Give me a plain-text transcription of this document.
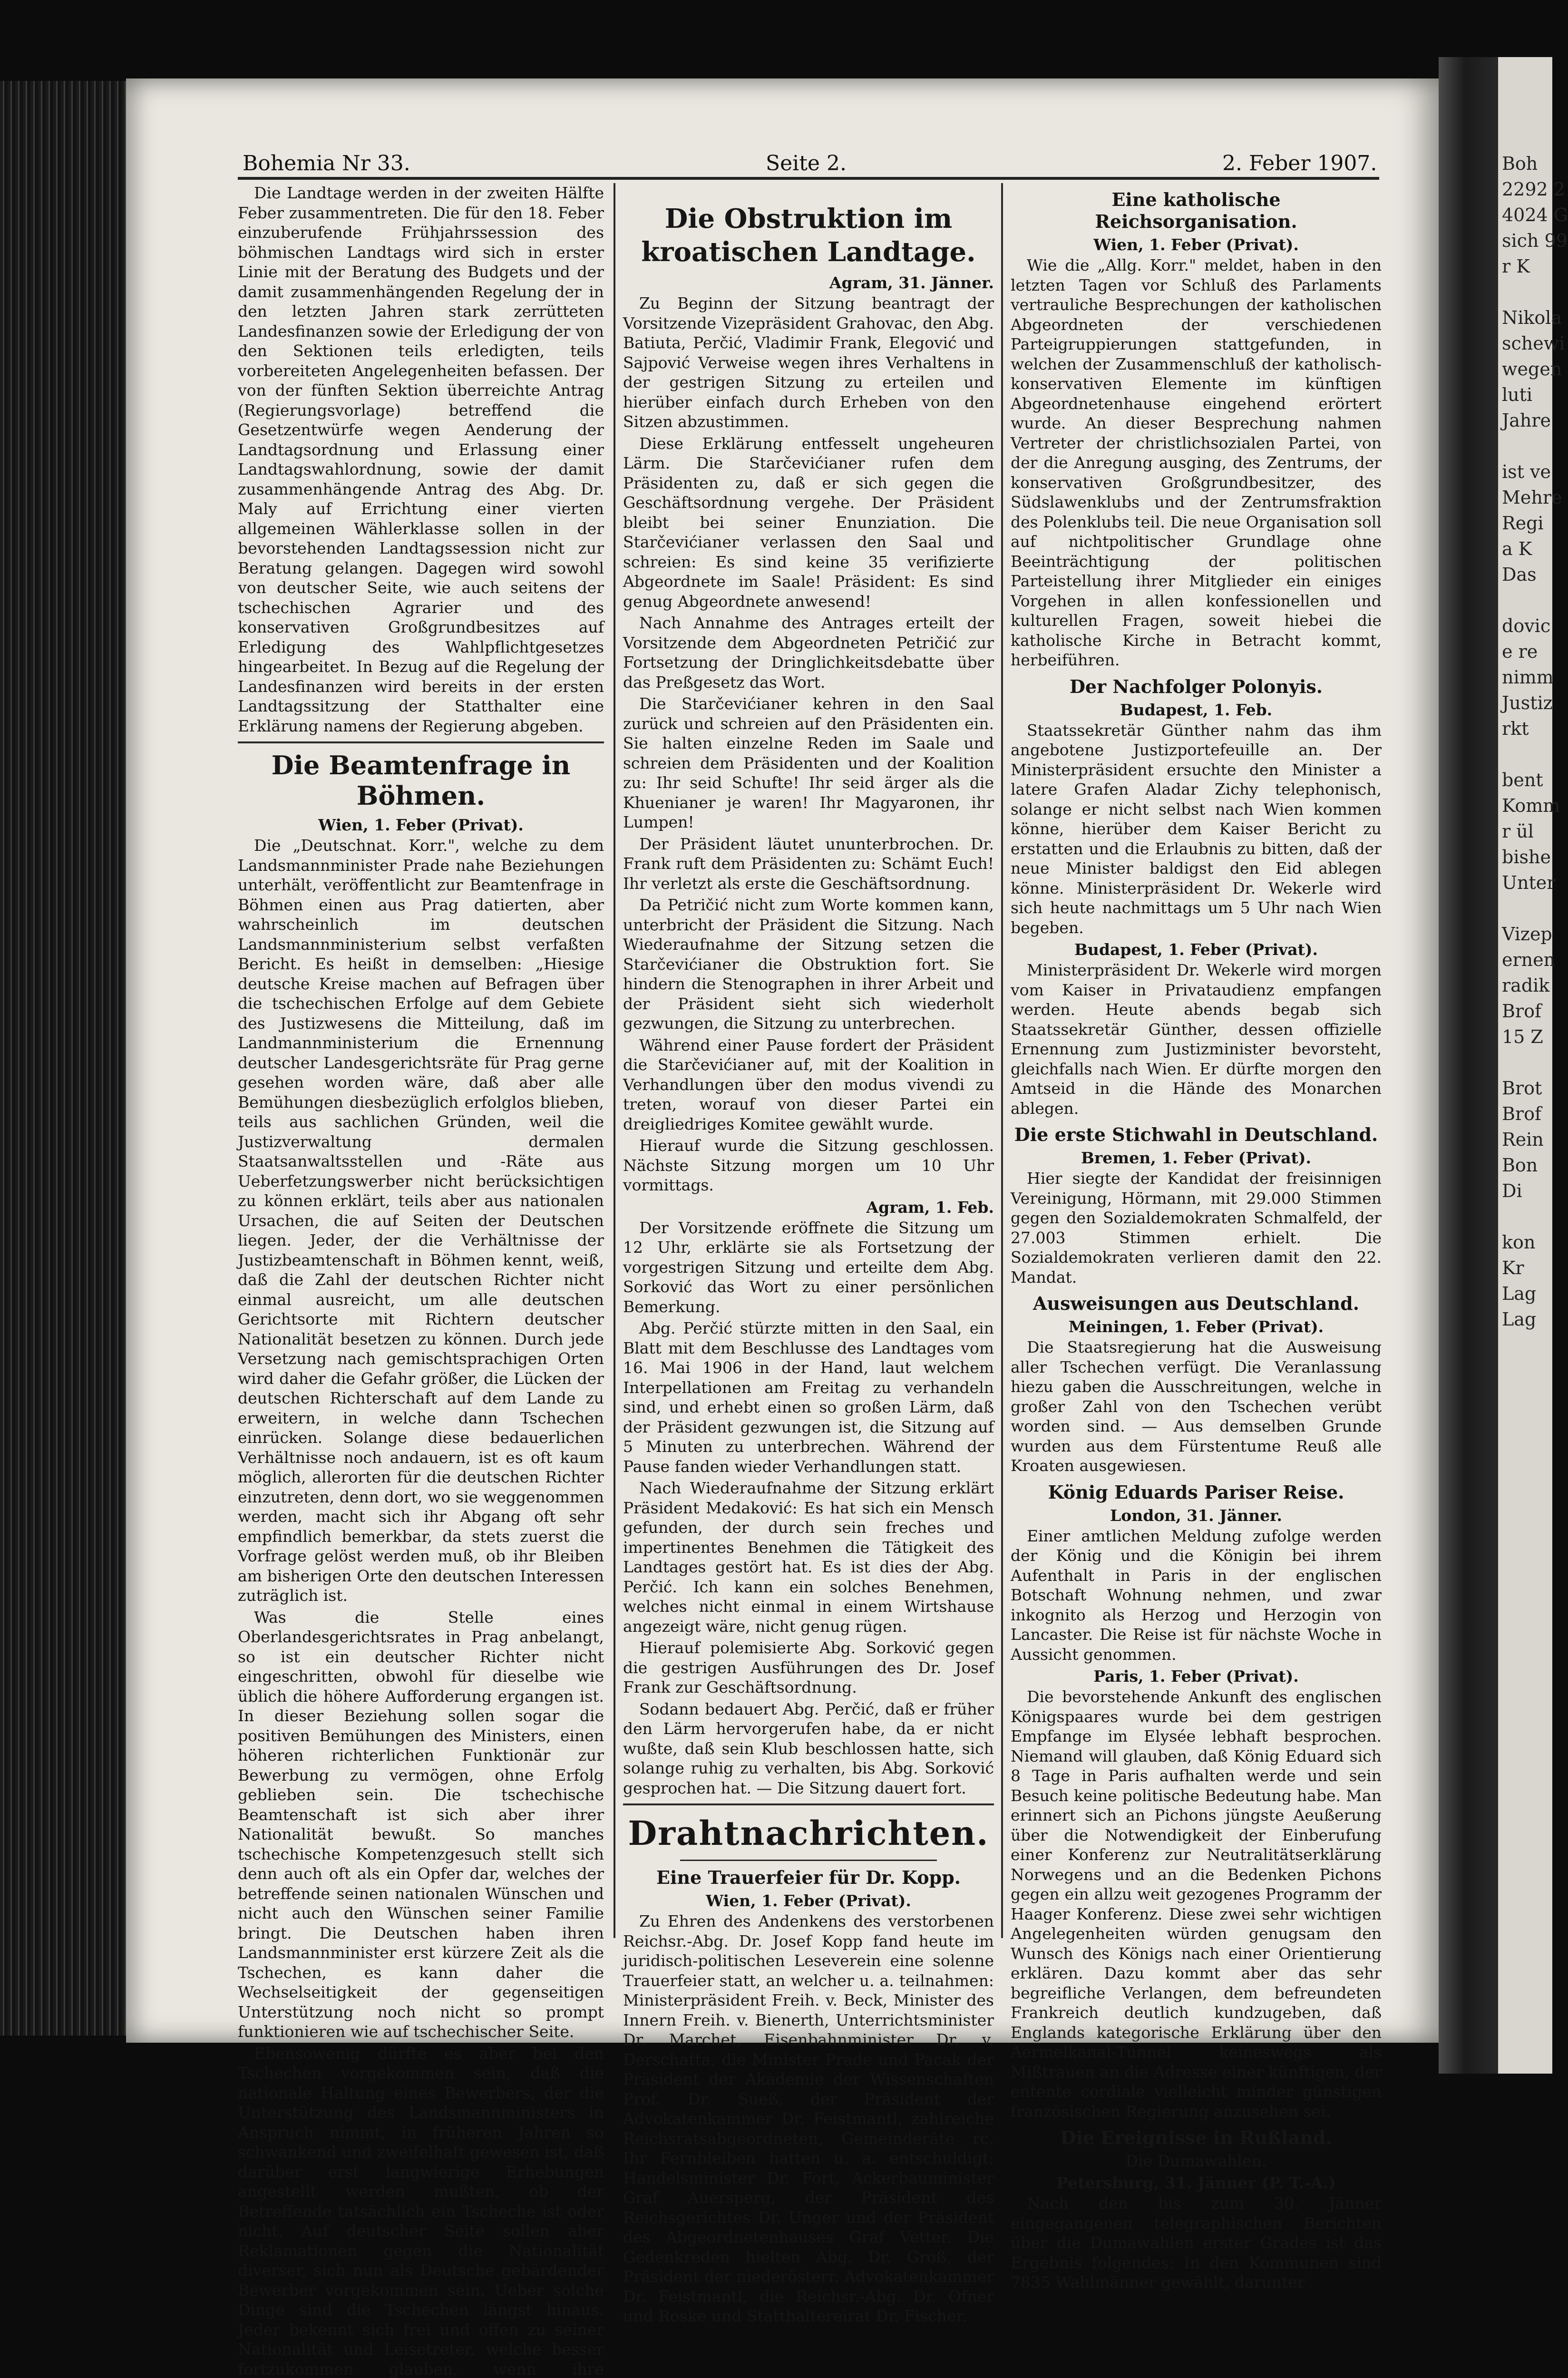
Boh
2292 2
4024 G
sich 99
r K
Nikola
schewi
wegen
luti
Jahre
ist ve
Mehre
Regi
a K
Das
dovic
e re
nimm
Justiz
rkt
bent
Komm
r ül
bishe
Unter
Vizep
ernen
radik
Brof
15 Z
Brot
Brof
Rein
Bon
Di
kon
Kr
Lag
Lag
Bohemia Nr 33.	Seite 2.	2. Feber 1907.

Die Landtage werden in der zweiten Hälfte Feber zusammentreten. Die für den 18. Feber einzuberufende Frühjahrssession des böhmischen Landtags wird sich in erster Linie mit der Beratung des Budgets und der damit zusammenhängenden Regelung der in den letzten Jahren stark zerrütteten Landesfinanzen sowie der Erledigung der von den Sektionen teils erledigten, teils vorbereiteten Angelegenheiten befassen. Der von der fünften Sektion überreichte Antrag (Regierungsvorlage) betreffend die Gesetzentwürfe wegen Aenderung der Landtagsordnung und Erlassung einer Landtagswahlordnung, sowie der damit zusammenhängende Antrag des Abg. Dr. Maly auf Errichtung einer vierten allgemeinen Wählerklasse sollen in der bevorstehenden Landtagssession nicht zur Beratung gelangen. Dagegen wird sowohl von deutscher Seite, wie auch seitens der tschechischen Agrarier und des konservativen Großgrundbesitzes auf Erledigung des Wahlpflichtgesetzes hingearbeitet. In Bezug auf die Regelung der Landesfinanzen wird bereits in der ersten Landtagssitzung der Statthalter eine Erklärung namens der Regierung abgeben.

Die Beamtenfrage in Böhmen.
Wien, 1. Feber (Privat).

Die „Deutschnat. Korr.", welche zu dem Landsmannminister Prade nahe Beziehungen unterhält, veröffentlicht zur Beamtenfrage in Böhmen einen aus Prag datierten, aber wahrscheinlich im deutschen Landsmannministerium selbst verfaßten Bericht. Es heißt in demselben: „Hiesige deutsche Kreise machen auf Befragen über die tschechischen Erfolge auf dem Gebiete des Justizwesens die Mitteilung, daß im Landmannministerium die Ernennung deutscher Landesgerichtsräte für Prag gerne gesehen worden wäre, daß aber alle Bemühungen diesbezüglich erfolglos blieben, teils aus sachlichen Gründen, weil die Justizverwaltung dermalen Staatsanwaltsstellen und -Räte aus Ueberfetzungswerber nicht berücksichtigen zu können erklärt, teils aber aus nationalen Ursachen, die auf Seiten der Deutschen liegen. Jeder, der die Verhältnisse der Justizbeamtenschaft in Böhmen kennt, weiß, daß die Zahl der deutschen Richter nicht einmal ausreicht, um alle deutschen Gerichtsorte mit Richtern deutscher Nationalität besetzen zu können. Durch jede Versetzung nach gemischtsprachigen Orten wird daher die Gefahr größer, die Lücken der deutschen Richterschaft auf dem Lande zu erweitern, in welche dann Tschechen einrücken. Solange diese bedauerlichen Verhältnisse noch andauern, ist es oft kaum möglich, allerorten für die deutschen Richter einzutreten, denn dort, wo sie weggenommen werden, macht sich ihr Abgang oft sehr empfindlich bemerkbar, da stets zuerst die Vorfrage gelöst werden muß, ob ihr Bleiben am bisherigen Orte den deutschen Interessen zuträglich ist.

Was die Stelle eines Oberlandesgerichtsrates in Prag anbelangt, so ist ein deutscher Richter nicht eingeschritten, obwohl für dieselbe wie üblich die höhere Aufforderung ergangen ist. In dieser Beziehung sollen sogar die positiven Bemühungen des Ministers, einen höheren richterlichen Funktionär zur Bewerbung zu vermögen, ohne Erfolg geblieben sein. Die tschechische Beamtenschaft ist sich aber ihrer Nationalität bewußt. So manches tschechische Kompetenzgesuch stellt sich denn auch oft als ein Opfer dar, welches der betreffende seinen nationalen Wünschen und nicht auch den Wünschen seiner Familie bringt. Die Deutschen haben ihren Landsmannminister erst kürzere Zeit als die Tschechen, es kann daher die Wechselseitigkeit der gegenseitigen Unterstützung noch nicht so prompt funktionieren wie auf tschechischer Seite.

Ebensowenig dürfte es aber bei den Tschechen vorgekommen sein, daß die nationale Haltung eines Bewerbers, der die Unterstützung des Landsmannministers in Anspruch nimmt, in früheren Jahren so schwankend und zweifelhaft gewesen ist, daß darüber erst langwierige Erhebungen angestellt werden mußten, ob der Betreffende tatsächlich ein Tscheche ist oder nicht. Auf deutscher Seite sollen aber Reklamationen gegen die Nationalität diverser, sich nun als Deutsche gebärdender Bewerber vorgekommen sein. Ueber solche Dinge sind die Tschechen längst hinaus. Jeder bekennt sich frei und offen zu seiner Nationalität und Leisetreter, welche besser fortzukommen glauben, wenn ihre

Die Obstruktion im kroatischen Landtage.
Agram, 31. Jänner.

Zu Beginn der Sitzung beantragt der Vorsitzende Vizepräsident Grahovac, den Abg. Batiuta, Perčić, Vladimir Frank, Elegović und Sajpović Verweise wegen ihres Verhaltens in der gestrigen Sitzung zu erteilen und hierüber einfach durch Erheben von den Sitzen abzustimmen.

Diese Erklärung entfesselt ungeheuren Lärm. Die Starčevićianer rufen dem Präsidenten zu, daß er sich gegen die Geschäftsordnung vergehe. Der Präsident bleibt bei seiner Enunziation. Die Starčevićianer verlassen den Saal und schreien: Es sind keine 35 verifizierte Abgeordnete im Saale! Präsident: Es sind genug Abgeordnete anwesend!

Nach Annahme des Antrages erteilt der Vorsitzende dem Abgeordneten Petričić zur Fortsetzung der Dringlichkeitsdebatte über das Preßgesetz das Wort.

Die Starčevićianer kehren in den Saal zurück und schreien auf den Präsidenten ein. Sie halten einzelne Reden im Saale und schreien dem Präsidenten und der Koalition zu: Ihr seid Schufte! Ihr seid ärger als die Khuenianer je waren! Ihr Magyaronen, ihr Lumpen!

Der Präsident läutet ununterbrochen. Dr. Frank ruft dem Präsidenten zu: Schämt Euch! Ihr verletzt als erste die Geschäftsordnung.

Da Petričić nicht zum Worte kommen kann, unterbricht der Präsident die Sitzung. Nach Wiederaufnahme der Sitzung setzen die Starčevićianer die Obstruktion fort. Sie hindern die Stenographen in ihrer Arbeit und der Präsident sieht sich wiederholt gezwungen, die Sitzung zu unterbrechen.

Während einer Pause fordert der Präsident die Starčevićianer auf, mit der Koalition in Verhandlungen über den modus vivendi zu treten, worauf von dieser Partei ein dreigliedriges Komitee gewählt wurde.

Hierauf wurde die Sitzung geschlossen. Nächste Sitzung morgen um 10 Uhr vormittags.

Agram, 1. Feb.

Der Vorsitzende eröffnete die Sitzung um 12 Uhr, erklärte sie als Fortsetzung der vorgestrigen Sitzung und erteilte dem Abg. Sorković das Wort zu einer persönlichen Bemerkung.

Abg. Perčić stürzte mitten in den Saal, ein Blatt mit dem Beschlusse des Landtages vom 16. Mai 1906 in der Hand, laut welchem Interpellationen am Freitag zu verhandeln sind, und erhebt einen so großen Lärm, daß der Präsident gezwungen ist, die Sitzung auf 5 Minuten zu unterbrechen. Während der Pause fanden wieder Verhandlungen statt.

Nach Wiederaufnahme der Sitzung erklärt Präsident Medaković: Es hat sich ein Mensch gefunden, der durch sein freches und impertinentes Benehmen die Tätigkeit des Landtages gestört hat. Es ist dies der Abg. Perčić. Ich kann ein solches Benehmen, welches nicht einmal in einem Wirtshause angezeigt wäre, nicht genug rügen.

Hierauf polemisierte Abg. Sorković gegen die gestrigen Ausführungen des Dr. Josef Frank zur Geschäftsordnung.

Sodann bedauert Abg. Perčić, daß er früher den Lärm hervorgerufen habe, da er nicht wußte, daß sein Klub beschlossen hatte, sich solange ruhig zu verhalten, bis Abg. Sorković gesprochen hat. — Die Sitzung dauert fort.

Drahtnachrichten.
Eine Trauerfeier für Dr. Kopp.
Wien, 1. Feber (Privat).

Zu Ehren des Andenkens des verstorbenen Reichsr.-Abg. Dr. Josef Kopp fand heute im juridisch-politischen Leseverein eine solenne Trauerfeier statt, an welcher u. a. teilnahmen: Ministerpräsident Freih. v. Beck, Minister des Innern Freih. v. Bienerth, Unterrichtsminister Dr. Marchet, Eisenbahnminister Dr. v. Derschatta, die Minister Prade und Pacak der Präsident der Akademie der Wissenschaften Prof. Dr. Sueß, der Präsident der Advokatenkammer Dr. Feistmantl, zahlreiche Reichsratsabgeordneten, Gemeinderäte rc. Ihr Fernbleiben hatten u. a. entschuldigt: Handelsminister Dr. Fort, Ackerbauminister Graf Auersperg, der Präsident des Reichsgerichtes Dr. Unger und der Präsident des Abgeordnetenhauses Graf Vetter. Die Gedenkreden hielten Abg. Dr. Groß, der Präsident der niederösterr. Advokatenkammer Dr. Feistmantl, die Reichsr.-Abg. Dr. Ofner und Roske und Statthaltereirat Dr. Fischer.

Eine katholische Reichsorganisation.
Wien, 1. Feber (Privat).

Wie die „Allg. Korr." meldet, haben in den letzten Tagen vor Schluß des Parlaments vertrauliche Besprechungen der katholischen Abgeordneten der verschiedenen Parteigruppierungen stattgefunden, in welchen der Zusammenschluß der katholisch-konservativen Elemente im künftigen Abgeordnetenhause eingehend erörtert wurde. An dieser Besprechung nahmen Vertreter der christlichsozialen Partei, von der die Anregung ausging, des Zentrums, der konservativen Großgrundbesitzer, des Südslawenklubs und der Zentrumsfraktion des Polenklubs teil. Die neue Organisation soll auf nichtpolitischer Grundlage ohne Beeinträchtigung der politischen Parteistellung ihrer Mitglieder ein einiges Vorgehen in allen konfessionellen und kulturellen Fragen, soweit hiebei die katholische Kirche in Betracht kommt, herbeiführen.

Der Nachfolger Polonyis.
Budapest, 1. Feb.

Staatssekretär Günther nahm das ihm angebotene Justizportefeuille an. Der Ministerpräsident ersuchte den Minister a latere Grafen Aladar Zichy telephonisch, solange er nicht selbst nach Wien kommen könne, hierüber dem Kaiser Bericht zu erstatten und die Erlaubnis zu bitten, daß der neue Minister baldigst den Eid ablegen könne. Ministerpräsident Dr. Wekerle wird sich heute nachmittags um 5 Uhr nach Wien begeben.

Budapest, 1. Feber (Privat).

Ministerpräsident Dr. Wekerle wird morgen vom Kaiser in Privataudienz empfangen werden. Heute abends begab sich Staatssekretär Günther, dessen offizielle Ernennung zum Justizminister bevorsteht, gleichfalls nach Wien. Er dürfte morgen den Amtseid in die Hände des Monarchen ablegen.

Die erste Stichwahl in Deutschland.
Bremen, 1. Feber (Privat).

Hier siegte der Kandidat der freisinnigen Vereinigung, Hörmann, mit 29.000 Stimmen gegen den Sozialdemokraten Schmalfeld, der 27.003 Stimmen erhielt. Die Sozialdemokraten verlieren damit den 22. Mandat.

Ausweisungen aus Deutschland.
Meiningen, 1. Feber (Privat).

Die Staatsregierung hat die Ausweisung aller Tschechen verfügt. Die Veranlassung hiezu gaben die Ausschreitungen, welche in großer Zahl von den Tschechen verübt worden sind. — Aus demselben Grunde wurden aus dem Fürstentume Reuß alle Kroaten ausgewiesen.

König Eduards Pariser Reise.
London, 31. Jänner.

Einer amtlichen Meldung zufolge werden der König und die Königin bei ihrem Aufenthalt in Paris in der englischen Botschaft Wohnung nehmen, und zwar inkognito als Herzog und Herzogin von Lancaster. Die Reise ist für nächste Woche in Aussicht genommen.

Paris, 1. Feber (Privat).

Die bevorstehende Ankunft des englischen Königspaares wurde bei dem gestrigen Empfange im Elysée lebhaft besprochen. Niemand will glauben, daß König Eduard sich 8 Tage in Paris aufhalten werde und sein Besuch keine politische Bedeutung habe. Man erinnert sich an Pichons jüngste Aeußerung über die Notwendigkeit der Einberufung einer Konferenz zur Neutralitätserklärung Norwegens und an die Bedenken Pichons gegen ein allzu weit gezogenes Programm der Haager Konferenz. Diese zwei sehr wichtigen Angelegenheiten würden genugsam den Wunsch des Königs nach einer Orientierung erklären. Dazu kommt aber das sehr begreifliche Verlangen, dem befreundeten Frankreich deutlich kundzugeben, daß Englands kategorische Erklärung über den Aermelkanal-Tunnel keineswegs als Mißtrauen an die Adresse einer künftigen, der entente cordiale vielleicht minder günstigen französischen Regierung anzusehen sei.

Die Ereignisse in Rußland.
Die Dumawahlen.
Petersburg, 31. Jänner (P. T.-A.)

Nach den bis zum 30. Jänner eingegangenen telegraphischen Berichten über die Dumawahlen erster Grades ist das Ergebnis folgendes: In den Kommunen sind 7835 Wahlmänner gewählt, darunter
